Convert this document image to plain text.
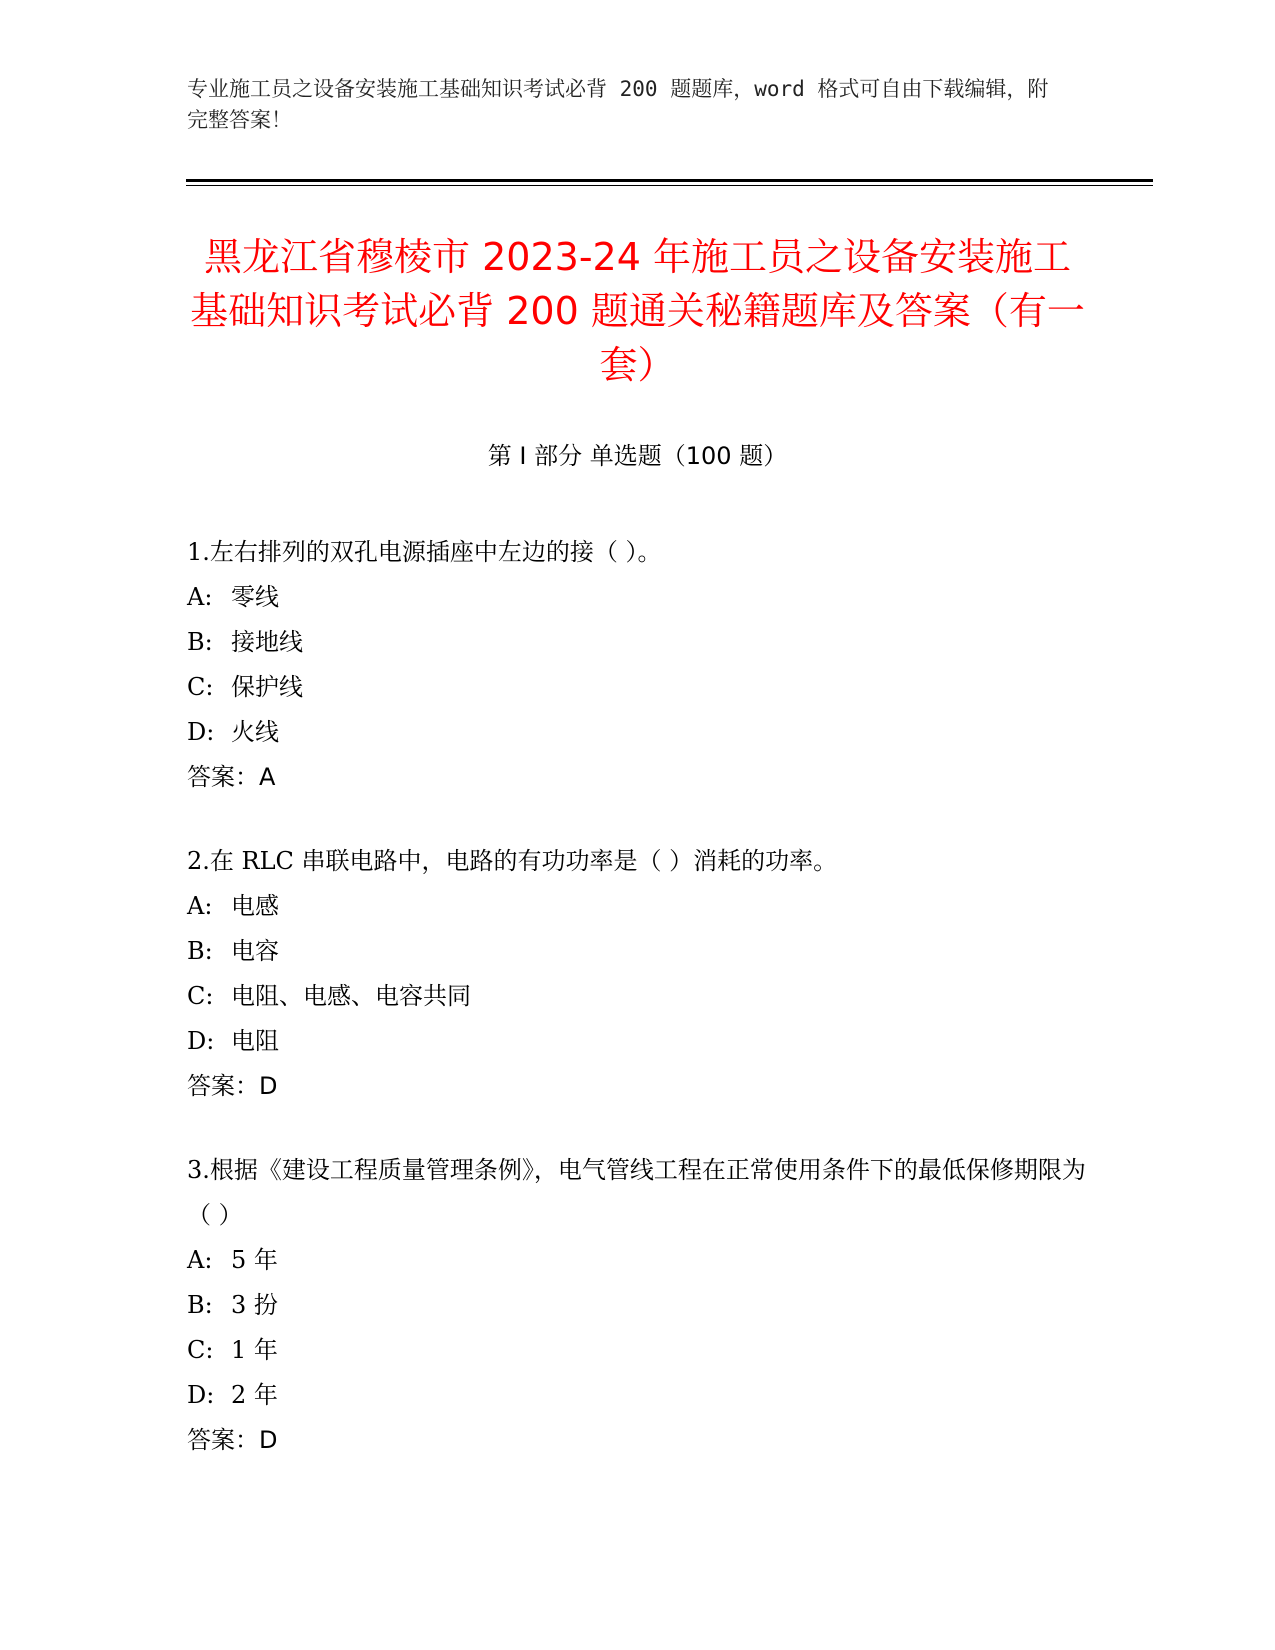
专业施工员之设备安装施工基础知识考试必背 200 题题库，word 格式可自由下载编辑，附完整答案！
黑龙江省穆棱市 2023-24 年施工员之设备安装施工基础知识考试必背 200 题通关秘籍题库及答案（有一套）
第 I 部分 单选题（100 题）

1.左右排列的双孔电源插座中左边的接（ ）。

A: 零线

B: 接地线

C: 保护线

D: 火线

答案：A

2.在 RLC 串联电路中，电路的有功功率是（ ）消耗的功率。

A: 电感

B: 电容

C: 电阻、电感、电容共同

D: 电阻

答案：D

3.根据《建设工程质量管理条例》，电气管线工程在正常使用条件下的最低保修期限为（ ）

A: 5 年

B: 3 扮

C: 1 年

D: 2 年

答案：D
